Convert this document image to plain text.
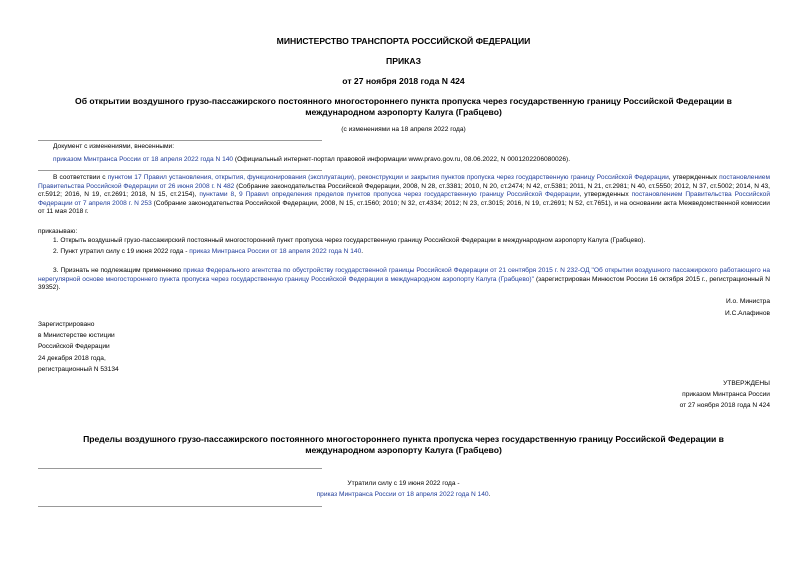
МИНИСТЕРСТВО ТРАНСПОРТА РОССИЙСКОЙ ФЕДЕРАЦИИ
ПРИКАЗ
от 27 ноября 2018 года N 424
Об открытии воздушного грузо-пассажирского постоянного многостороннего пункта пропуска через государственную границу Российской Федерации в
международном аэропорту Калуга (Грабцево)
(с изменениями на 18 апреля 2022 года)
Документ с изменениями, внесенными:
приказом Минтранса России от 18 апреля 2022 года N 140 (Официальный интернет-портал правовой информации www.pravo.gov.ru, 08.06.2022, N 0001202206080026).
В соответствии с пунктом 17 Правил установления, открытия, функционирования (эксплуатации), реконструкции и закрытия пунктов пропуска через государственную границу Российской Федерации, утвержденных постановлением Правительства Российской Федерации от 26 июня 2008 г. N 482 (Собрание законодательства Российской Федерации, 2008, N 28, ст.3381; 2010, N 20, ст.2474; N 42, ст.5381; 2011, N 21, ст.2981; N 40, ст.5550; 2012, N 37, ст.5002; 2014, N 43, ст.5912; 2016, N 19, ст.2691; 2018, N 15, ст.2154), пунктами 8, 9 Правил определения пределов пунктов пропуска через государственную границу Российской Федерации, утвержденных постановлением Правительства Российской Федерации от 7 апреля 2008 г. N 253 (Собрание законодательства Российской Федерации, 2008, N 15, ст.1560; 2010; N 32, ст.4334; 2012; N 23, ст.3015; 2016, N 19, ст.2691; N 52, ст.7651), и на основании акта Межведомственной комиссии от 11 мая 2018 г.
приказываю:
1. Открыть воздушный грузо-пассажирский постоянный многосторонний пункт пропуска через государственную границу Российской Федерации в международном аэропорту Калуга (Грабцево).
2. Пункт утратил силу с 19 июня 2022 года - приказ Минтранса России от 18 апреля 2022 года N 140.
3. Признать не подлежащим применению приказ Федерального агентства по обустройству государственной границы Российской Федерации от 21 сентября 2015 г. N 232-ОД "Об открытии воздушного пассажирского работающего на нерегулярной основе многостороннего пункта пропуска через государственную границу Российской Федерации в международном аэропорту Калуга (Грабцево)" (зарегистрирован Минюстом России 16 октября 2015 г., регистрационный N 39352).
И.о. Министра
И.С.Алафинов
Зарегистрировано
в Министерстве юстиции
Российской Федерации
24 декабря 2018 года,
регистрационный N 53134
УТВЕРЖДЕНЫ
приказом Минтранса России
от 27 ноября 2018 года N 424
Пределы воздушного грузо-пассажирского постоянного многостороннего пункта пропуска через государственную границу Российской Федерации в
международном аэропорту Калуга (Грабцево)
Утратили силу с 19 июня 2022 года -
приказ Минтранса России от 18 апреля 2022 года N 140.
